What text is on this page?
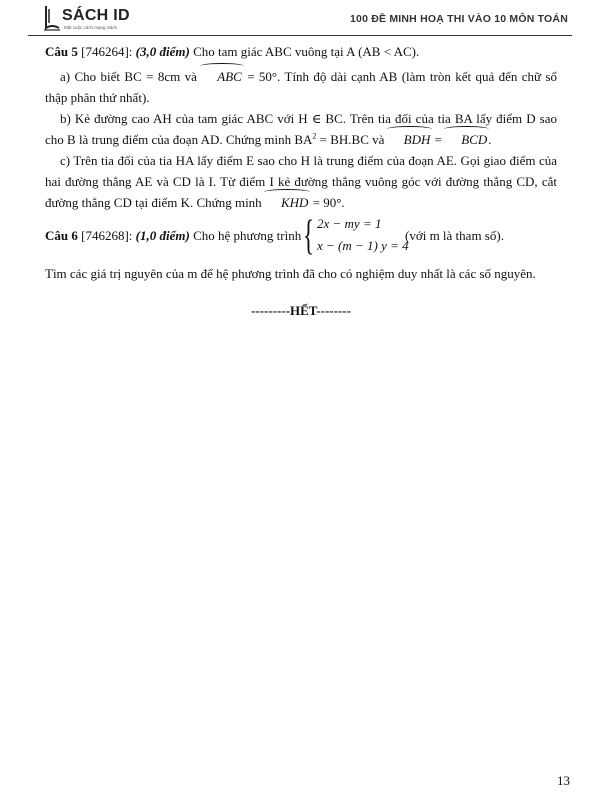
SÁCH ID
Một cuộc cách mạng Sách
100 ĐỀ MINH HOẠ THI VÀO 10 MÔN TOÁN

Câu 5 [746264]: (3,0 điểm) Cho tam giác ABC vuông tại A (AB < AC).

a) Cho biết BC = 8cm và ABC = 50°. Tính độ dài cạnh AB (làm tròn kết quả đến chữ số thập phân thứ nhất).

b) Kẻ đường cao AH của tam giác ABC với H ∈ BC. Trên tia đối của tia BA lấy điểm D sao cho B là trung điểm của đoạn AD. Chứng minh $BA^2 = BH.BC$ và BDH = BCD.

c) Trên tia đối của tia HA lấy điểm E sao cho H là trung điểm của đoạn AE. Gọi giao điểm của hai đường thẳng AE và CD là I. Từ điểm I kẻ đường thẳng vuông góc với đường thẳng CD, cắt đường thẳng CD tại điểm K. Chứng minh KHD = 90°.

Câu 6 [746268]: (1,0 điểm) Cho hệ phương trình { 2x − my = 1
x − (m − 1) y = 4
(với m là tham số).

Tìm các giá trị nguyên của m để hệ phương trình đã cho có nghiệm duy nhất là các số nguyên.

---------HẾT--------

13
